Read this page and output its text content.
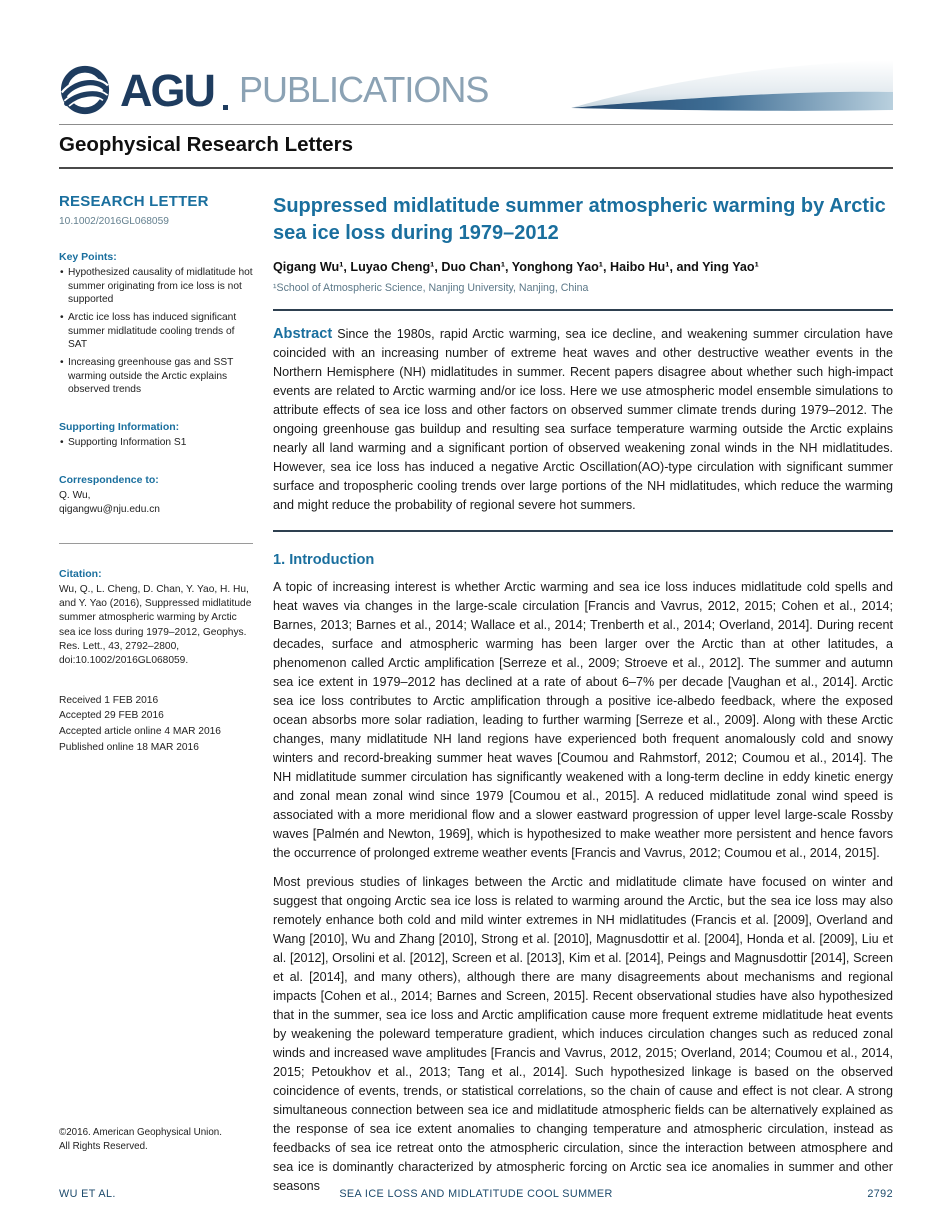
AGU PUBLICATIONS
Geophysical Research Letters
RESEARCH LETTER
10.1002/2016GL068059
Key Points:
• Hypothesized causality of midlatitude hot summer originating from ice loss is not supported
• Arctic ice loss has induced significant summer midlatitude cooling trends of SAT
• Increasing greenhouse gas and SST warming outside the Arctic explains observed trends
Supporting Information:
• Supporting Information S1
Correspondence to:
Q. Wu,
qigangwu@nju.edu.cn
Citation:
Wu, Q., L. Cheng, D. Chan, Y. Yao, H. Hu, and Y. Yao (2016), Suppressed midlatitude summer atmospheric warming by Arctic sea ice loss during 1979–2012, Geophys. Res. Lett., 43, 2792–2800, doi:10.1002/2016GL068059.
Received 1 FEB 2016
Accepted 29 FEB 2016
Accepted article online 4 MAR 2016
Published online 18 MAR 2016
Suppressed midlatitude summer atmospheric warming by Arctic sea ice loss during 1979–2012

Qigang Wu¹, Luyao Cheng¹, Duo Chan¹, Yonghong Yao¹, Haibo Hu¹, and Ying Yao¹

¹School of Atmospheric Science, Nanjing University, Nanjing, China

Abstract Since the 1980s, rapid Arctic warming, sea ice decline, and weakening summer circulation have coincided with an increasing number of extreme heat waves and other destructive weather events in the Northern Hemisphere (NH) midlatitudes in summer. Recent papers disagree about whether such high-impact events are related to Arctic warming and/or ice loss. Here we use atmospheric model ensemble simulations to attribute effects of sea ice loss and other factors on observed summer climate trends during 1979–2012. The ongoing greenhouse gas buildup and resulting sea surface temperature warming outside the Arctic explains nearly all land warming and a significant portion of observed weakening zonal winds in the NH midlatitudes. However, sea ice loss has induced a negative Arctic Oscillation(AO)-type circulation with significant summer surface and tropospheric cooling trends over large portions of the NH midlatitudes, which reduce the warming and might reduce the probability of regional severe hot summers.

1. Introduction

A topic of increasing interest is whether Arctic warming and sea ice loss induces midlatitude cold spells and heat waves via changes in the large-scale circulation [Francis and Vavrus, 2012, 2015; Cohen et al., 2014; Barnes, 2013; Barnes et al., 2014; Wallace et al., 2014; Trenberth et al., 2014; Overland, 2014]. During recent decades, surface and atmospheric warming has been larger over the Arctic than at other latitudes, a phenomenon called Arctic amplification [Serreze et al., 2009; Stroeve et al., 2012]. The summer and autumn sea ice extent in 1979–2012 has declined at a rate of about 6–7% per decade [Vaughan et al., 2014]. Arctic sea ice loss contributes to Arctic amplification through a positive ice-albedo feedback, where the exposed ocean absorbs more solar radiation, leading to further warming [Serreze et al., 2009]. Along with these Arctic changes, many midlatitude NH land regions have experienced both frequent anomalously cold and snowy winters and record-breaking summer heat waves [Coumou and Rahmstorf, 2012; Coumou et al., 2014]. The NH midlatitude summer circulation has significantly weakened with a long-term decline in eddy kinetic energy and zonal mean zonal wind since 1979 [Coumou et al., 2015]. A reduced midlatitude zonal wind speed is associated with a more meridional flow and a slower eastward progression of upper level large-scale Rossby waves [Palmén and Newton, 1969], which is hypothesized to make weather more persistent and hence favors the occurrence of prolonged extreme weather events [Francis and Vavrus, 2012; Coumou et al., 2014, 2015].

Most previous studies of linkages between the Arctic and midlatitude climate have focused on winter and suggest that ongoing Arctic sea ice loss is related to warming around the Arctic, but the sea ice loss may also remotely enhance both cold and mild winter extremes in NH midlatitudes (Francis et al. [2009], Overland and Wang [2010], Wu and Zhang [2010], Strong et al. [2010], Magnusdottir et al. [2004], Honda et al. [2009], Liu et al. [2012], Orsolini et al. [2012], Screen et al. [2013], Kim et al. [2014], Peings and Magnusdottir [2014], Screen et al. [2014], and many others), although there are many disagreements about mechanisms and regional impacts [Cohen et al., 2014; Barnes and Screen, 2015]. Recent observational studies have also hypothesized that in the summer, sea ice loss and Arctic amplification cause more frequent extreme midlatitude heat events by weakening the poleward temperature gradient, which induces circulation changes such as reduced zonal winds and increased wave amplitudes [Francis and Vavrus, 2012, 2015; Overland, 2014; Coumou et al., 2014, 2015; Petoukhov et al., 2013; Tang et al., 2014]. Such hypothesized linkage is based on the observed coincidence of events, trends, or statistical correlations, so the chain of cause and effect is not clear. A strong simultaneous connection between sea ice and midlatitude atmospheric fields can be alternatively explained as the response of sea ice extent anomalies to changing temperature and atmospheric circulation, instead as feedbacks of sea ice retreat onto the atmospheric circulation, since the interaction between atmosphere and sea ice is dominantly characterized by atmospheric forcing on Arctic sea ice anomalies in summer and other seasons

©2016. American Geophysical Union.
All Rights Reserved.
WU ET AL.	SEA ICE LOSS AND MIDLATITUDE COOL SUMMER	2792
